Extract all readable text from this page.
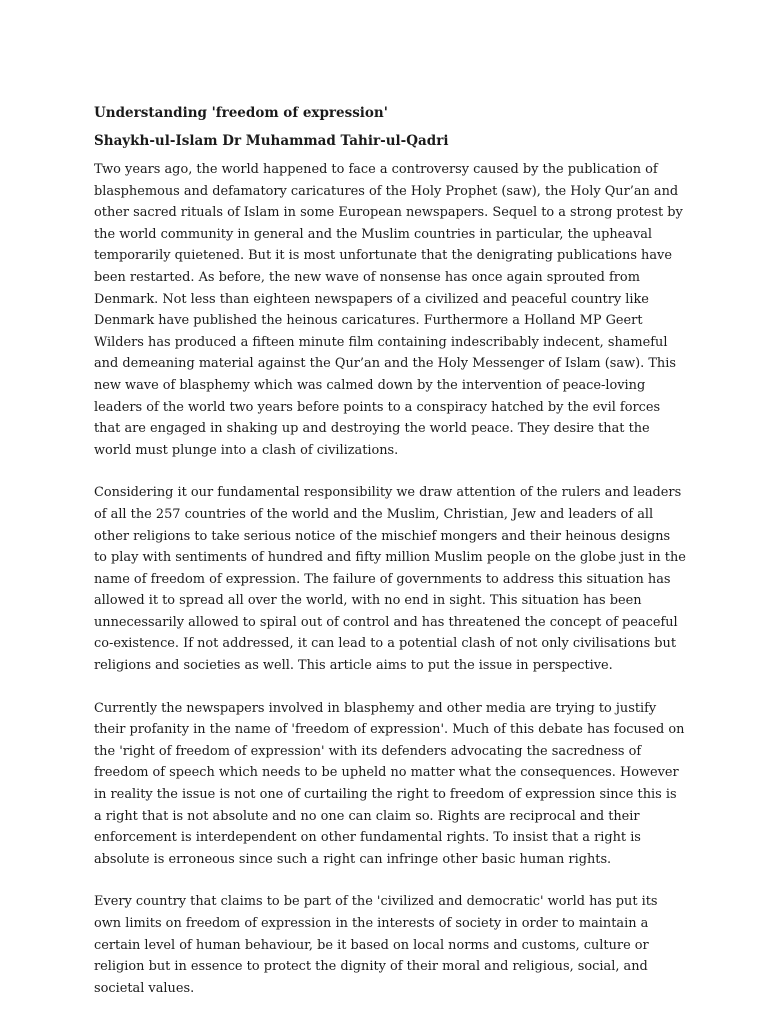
Understanding 'freedom of expression'

Shaykh-ul-Islam Dr Muhammad Tahir-ul-Qadri

Two years ago, the world happened to face a controversy caused by the publication of blasphemous and defamatory caricatures of the Holy Prophet (saw), the Holy Qur’an and other sacred rituals of Islam in some European newspapers. Sequel to a strong protest by the world community in general and the Muslim countries in particular, the upheaval temporarily quietened. But it is most unfortunate that the denigrating publications have been restarted. As before, the new wave of nonsense has once again sprouted from Denmark. Not less than eighteen newspapers of a civilized and peaceful country like Denmark have published the heinous caricatures. Furthermore a Holland MP Geert Wilders has produced a fifteen minute film containing indescribably indecent, shameful and demeaning material against the Qur’an and the Holy Messenger of Islam (saw). This new wave of blasphemy which was calmed down by the intervention of peace-loving leaders of the world two years before points to a conspiracy hatched by the evil forces that are engaged in shaking up and destroying the world peace. They desire that the world must plunge into a clash of civilizations.

Considering it our fundamental responsibility we draw attention of the rulers and leaders of all the 257 countries of the world and the Muslim, Christian, Jew and leaders of all other religions to take serious notice of the mischief mongers and their heinous designs to play with sentiments of hundred and fifty million Muslim people on the globe just in the name of freedom of expression. The failure of governments to address this situation has allowed it to spread all over the world, with no end in sight. This situation has been unnecessarily allowed to spiral out of control and has threatened the concept of peaceful co-existence. If not addressed, it can lead to a potential clash of not only civilisations but religions and societies as well. This article aims to put the issue in perspective.

Currently the newspapers involved in blasphemy and other media are trying to justify their profanity in the name of 'freedom of expression'. Much of this debate has focused on the 'right of freedom of expression' with its defenders advocating the sacredness of freedom of speech which needs to be upheld no matter what the consequences. However in reality the issue is not one of curtailing the right to freedom of expression since this is a right that is not absolute and no one can claim so. Rights are reciprocal and their enforcement is interdependent on other fundamental rights. To insist that a right is absolute is erroneous since such a right can infringe other basic human rights.

Every country that claims to be part of the 'civilized and democratic' world has put its own limits on freedom of expression in the interests of society in order to maintain a certain level of human behaviour, be it based on local norms and customs, culture or religion but in essence to protect the dignity of their moral and religious, social, and societal values.
